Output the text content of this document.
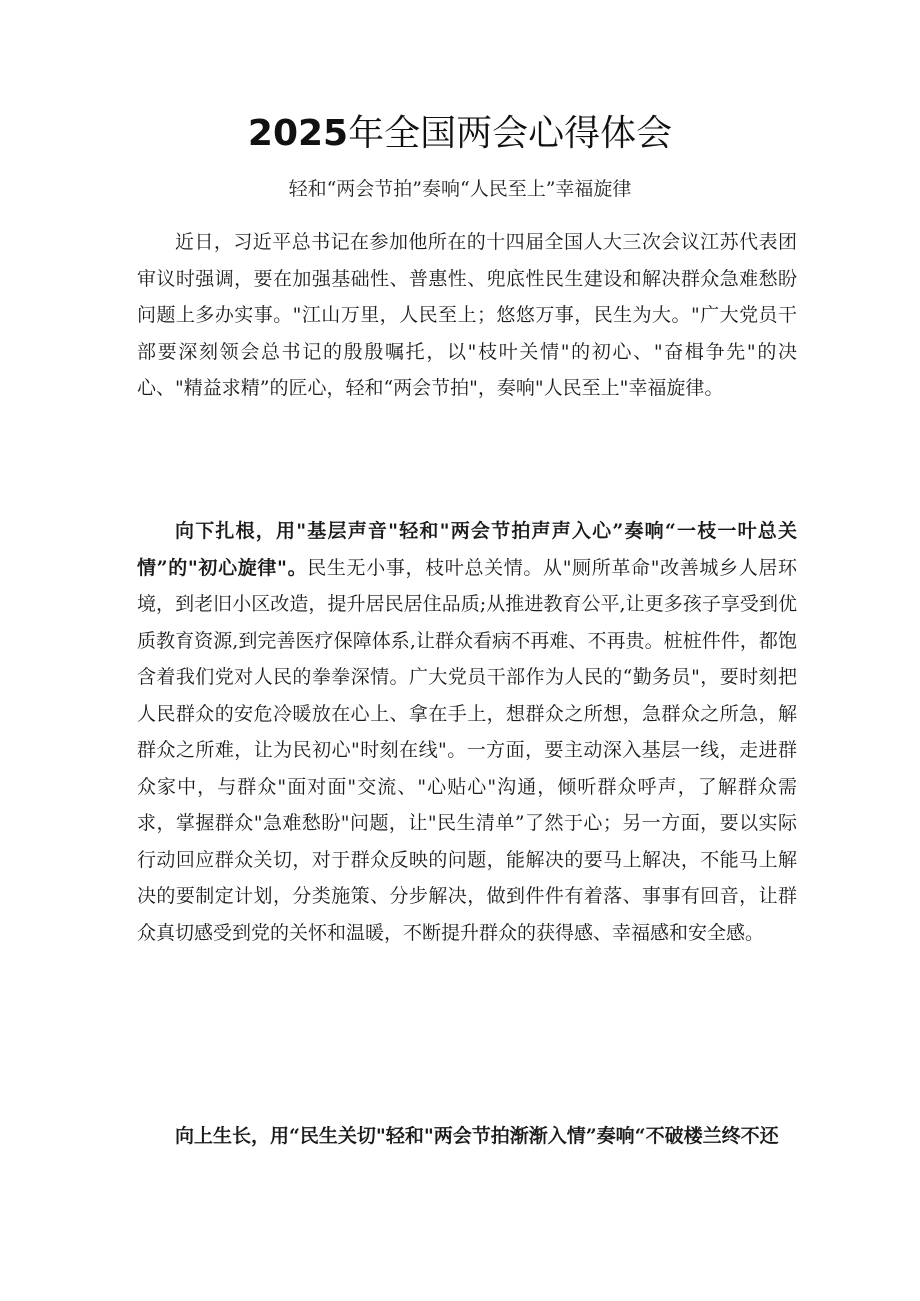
2025年全国两会心得体会

轻和“两会节拍”奏响“人民至上”幸福旋律

近日，习近平总书记在参加他所在的十四届全国人大三次会议江苏代表团审议时强调，要在加强基础性、普惠性、兜底性民生建设和解决群众急难愁盼问题上多办实事。"江山万里，人民至上；悠悠万事，民生为大。"广大党员干部要深刻领会总书记的殷殷嘱托，以"枝叶关情"的初心、"奋楫争先"的决心、"精益求精”的匠心，轻和“两会节拍"，奏响"人民至上"幸福旋律。

向下扎根，用"基层声音"轻和"两会节拍声声入心”奏响“一枝一叶总关情”的"初心旋律"。民生无小事，枝叶总关情。从"厕所革命"改善城乡人居环境，到老旧小区改造，提升居民居住品质;从推进教育公平,让更多孩子享受到优质教育资源,到完善医疗保障体系,让群众看病不再难、不再贵。桩桩件件，都饱含着我们党对人民的拳拳深情。广大党员干部作为人民的“勤务员"，要时刻把人民群众的安危冷暖放在心上、拿在手上，想群众之所想，急群众之所急，解群众之所难，让为民初心"时刻在线"。一方面，要主动深入基层一线，走进群众家中，与群众"面对面"交流、"心贴心"沟通，倾听群众呼声，了解群众需求，掌握群众"急难愁盼"问题，让"民生清单”了然于心；另一方面，要以实际行动回应群众关切，对于群众反映的问题，能解决的要马上解决，不能马上解决的要制定计划，分类施策、分步解决，做到件件有着落、事事有回音，让群众真切感受到党的关怀和温暖，不断提升群众的获得感、幸福感和安全感。

向上生长，用“民生关切"轻和"两会节拍渐渐入情”奏响“不破楼兰终不还
